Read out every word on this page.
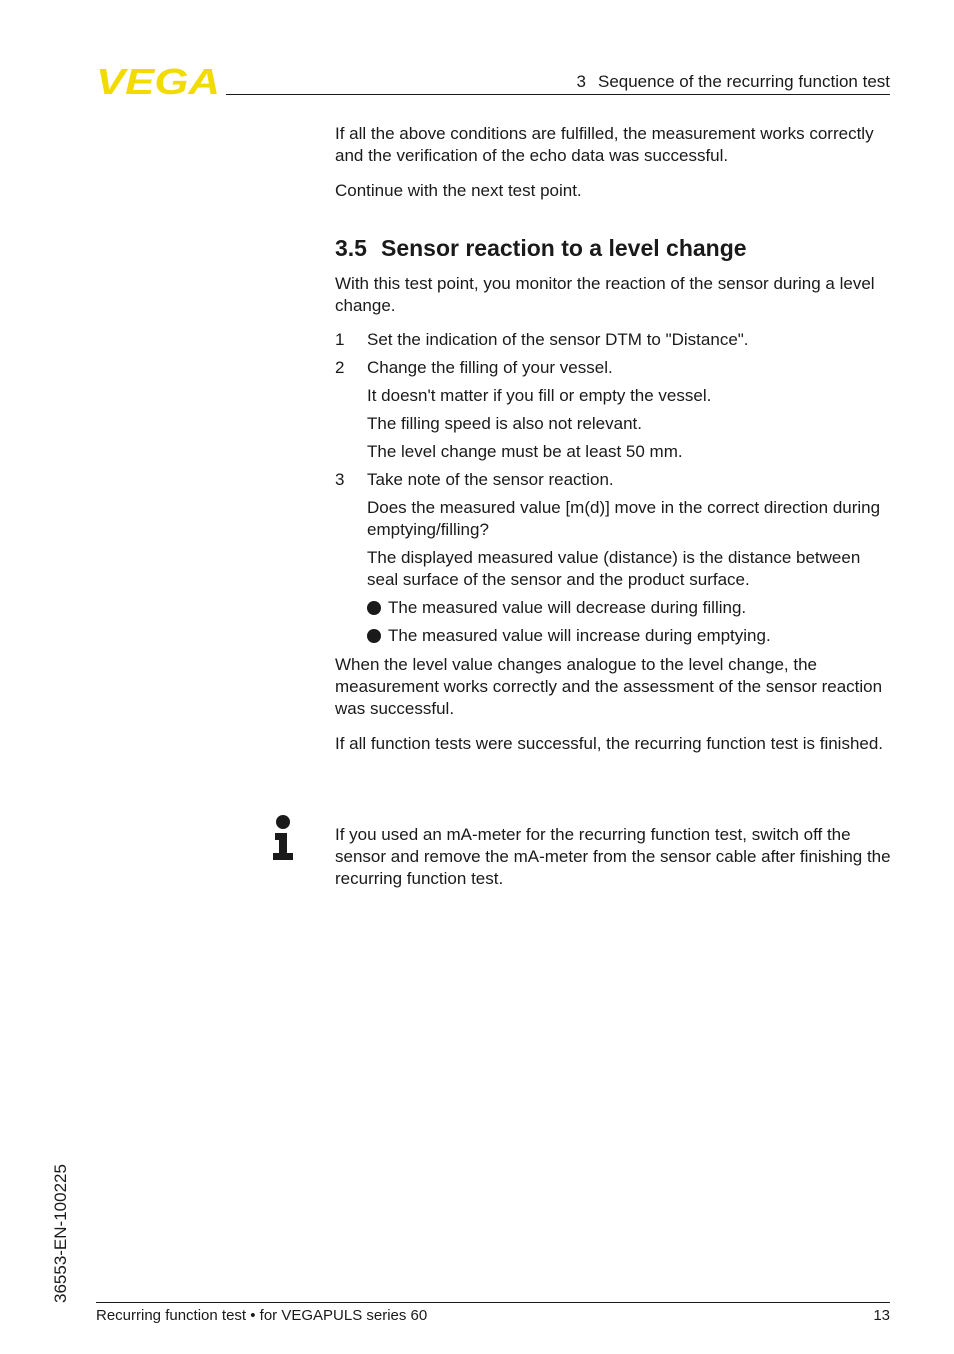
VEGA	3 Sequence of the recurring function test

If all the above conditions are fulfilled, the measurement works correctly and the verification of the echo data was successful.

Continue with the next test point.

3.5 Sensor reaction to a level change

With this test point, you monitor the reaction of the sensor during a level change.

1	Set the indication of the sensor DTM to "Distance".
2	Change the filling of your vessel.

It doesn't matter if you fill or empty the vessel.

The filling speed is also not relevant.

The level change must be at least 50 mm.

3	Take note of the sensor reaction.

Does the measured value [m(d)] move in the correct direction during emptying/filling?

The displayed measured value (distance) is the distance between seal surface of the sensor and the product surface.

The measured value will decrease during filling.
The measured value will increase during emptying.

When the level value changes analogue to the level change, the measurement works correctly and the assessment of the sensor reaction was successful.

If all function tests were successful, the recurring function test is finished.

If you used an mA-meter for the recurring function test, switch off the sensor and remove the mA-meter from the sensor cable after finishing the recurring function test.

36553-EN-100225
Recurring function test • for VEGAPULS series 60	13
